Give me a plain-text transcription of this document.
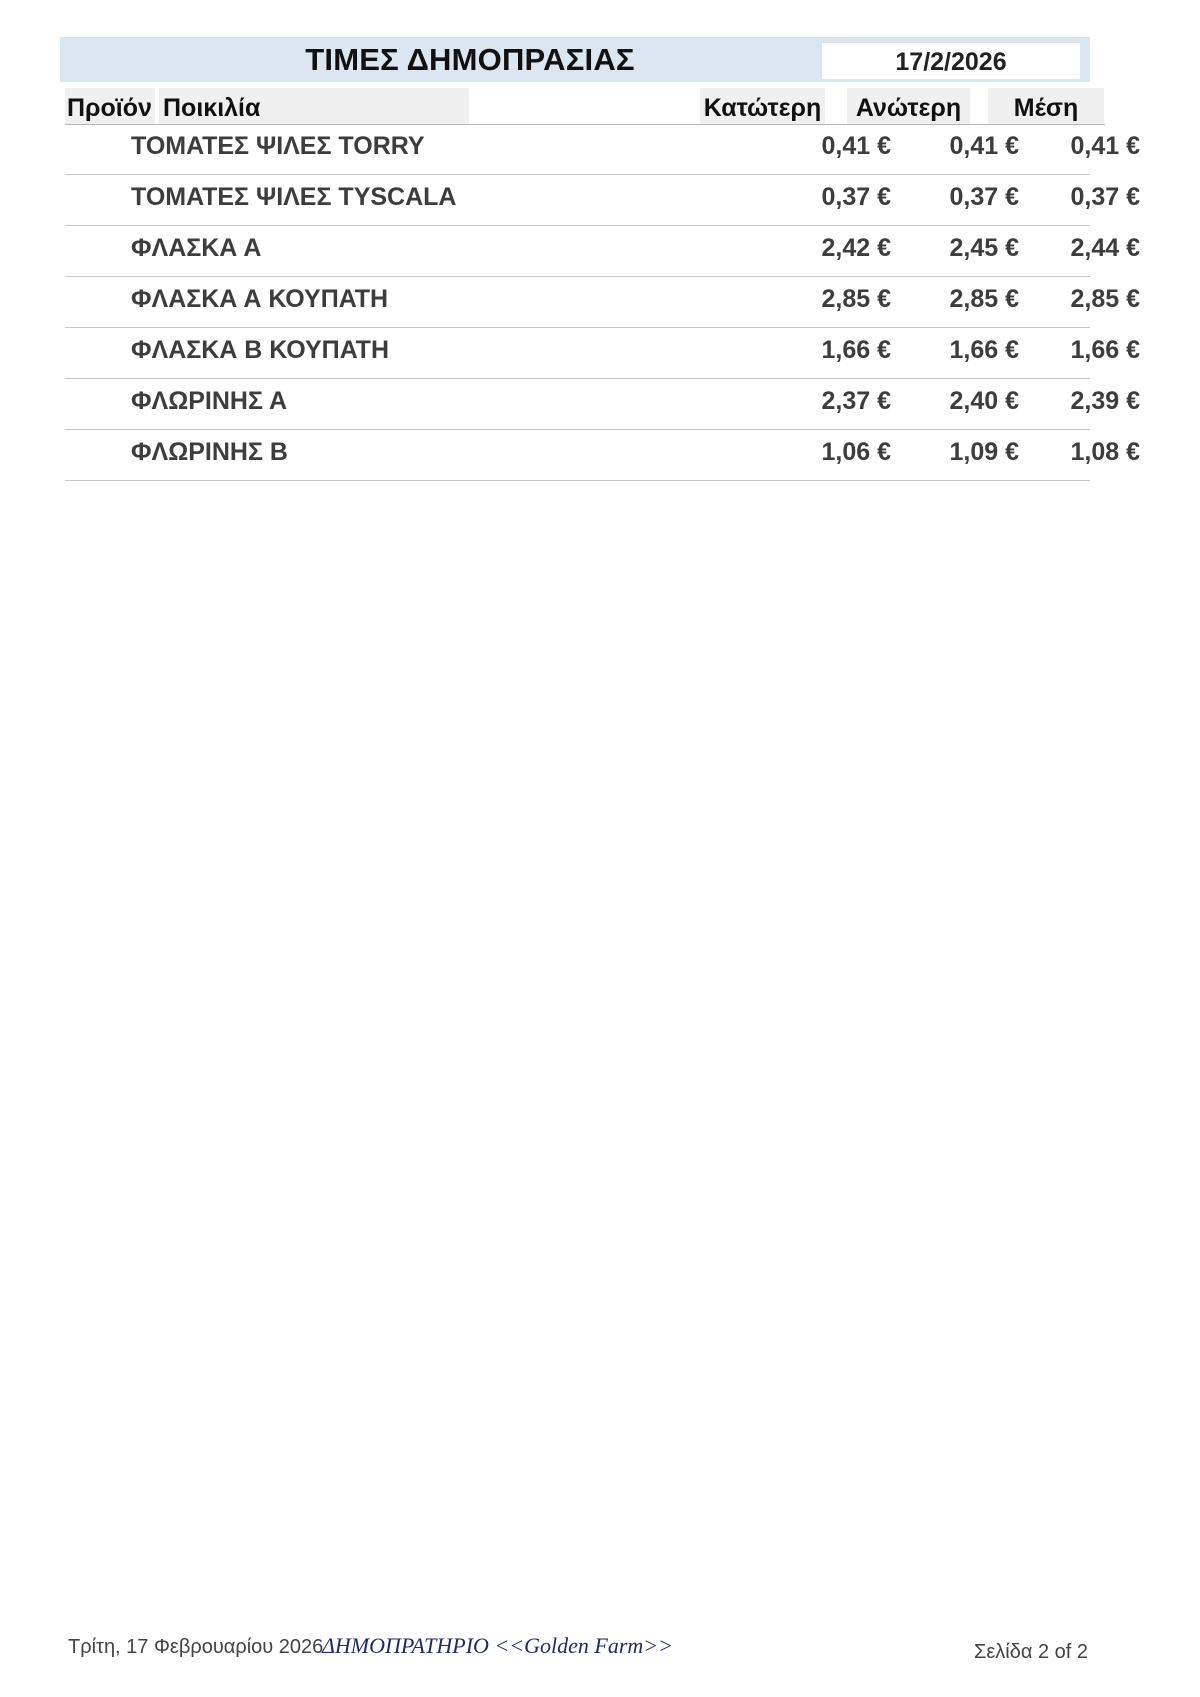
ΤΙΜΕΣ ΔΗΜΟΠΡΑΣΙΑΣ	17/2/2026
Προϊόν Ποικιλία	Κατώτερη	Ανώτερη	Μέση
ΤΟΜΑΤΕΣ ΨΙΛΕΣ TORRY	0,41 €	0,41 €	0,41 €
ΤΟΜΑΤΕΣ ΨΙΛΕΣ TYSCALA	0,37 €	0,37 €	0,37 €
ΦΛΑΣΚΑ Α	2,42 €	2,45 €	2,44 €
ΦΛΑΣΚΑ Α ΚΟΥΠΑΤΗ	2,85 €	2,85 €	2,85 €
ΦΛΑΣΚΑ Β ΚΟΥΠΑΤΗ	1,66 €	1,66 €	1,66 €
ΦΛΩΡΙΝΗΣ Α	2,37 €	2,40 €	2,39 €
ΦΛΩΡΙΝΗΣ Β	1,06 €	1,09 €	1,08 €
Τρίτη, 17 Φεβρουαρίου 2026
ΔΗΜΟΠΡΑΤΗΡΙΟ <<Golden Farm>>	Σελίδα 2 of 2
